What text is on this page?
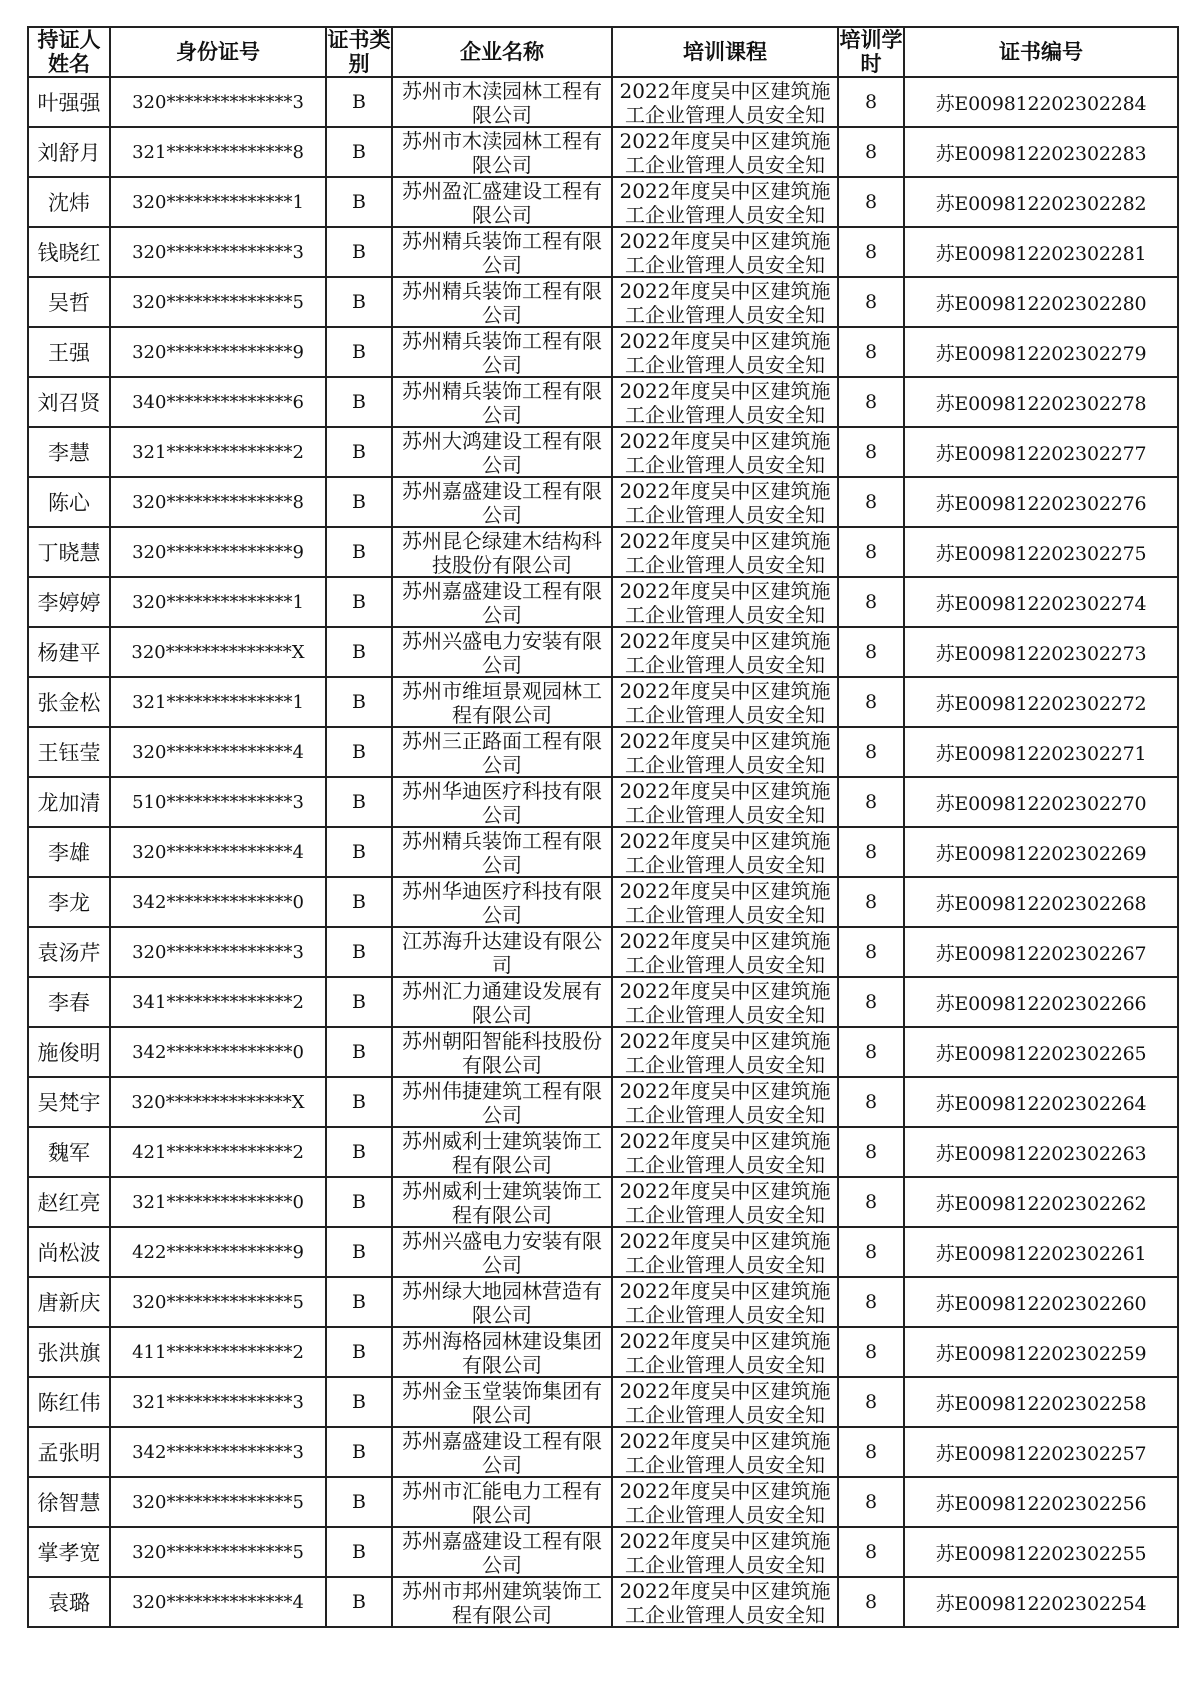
持证人姓名	身份证号	证书类别	企业名称	培训课程	培训学时	证书编号
叶强强	320**************3	B	苏州市木渎园林工程有限公司	2022年度吴中区建筑施工企业管理人员安全知	8	苏E009812202302284
刘舒月	321**************8	B	苏州市木渎园林工程有限公司	2022年度吴中区建筑施工企业管理人员安全知	8	苏E009812202302283
沈炜	320**************1	B	苏州盈汇盛建设工程有限公司	2022年度吴中区建筑施工企业管理人员安全知	8	苏E009812202302282
钱晓红	320**************3	B	苏州精兵装饰工程有限公司	2022年度吴中区建筑施工企业管理人员安全知	8	苏E009812202302281
吴哲	320**************5	B	苏州精兵装饰工程有限公司	2022年度吴中区建筑施工企业管理人员安全知	8	苏E009812202302280
王强	320**************9	B	苏州精兵装饰工程有限公司	2022年度吴中区建筑施工企业管理人员安全知	8	苏E009812202302279
刘召贤	340**************6	B	苏州精兵装饰工程有限公司	2022年度吴中区建筑施工企业管理人员安全知	8	苏E009812202302278
李慧	321**************2	B	苏州大鸿建设工程有限公司	2022年度吴中区建筑施工企业管理人员安全知	8	苏E009812202302277
陈心	320**************8	B	苏州嘉盛建设工程有限公司	2022年度吴中区建筑施工企业管理人员安全知	8	苏E009812202302276
丁晓慧	320**************9	B	苏州昆仑绿建木结构科技股份有限公司	2022年度吴中区建筑施工企业管理人员安全知	8	苏E009812202302275
李婷婷	320**************1	B	苏州嘉盛建设工程有限公司	2022年度吴中区建筑施工企业管理人员安全知	8	苏E009812202302274
杨建平	320**************X	B	苏州兴盛电力安装有限公司	2022年度吴中区建筑施工企业管理人员安全知	8	苏E009812202302273
张金松	321**************1	B	苏州市维垣景观园林工程有限公司	2022年度吴中区建筑施工企业管理人员安全知	8	苏E009812202302272
王钰莹	320**************4	B	苏州三正路面工程有限公司	2022年度吴中区建筑施工企业管理人员安全知	8	苏E009812202302271
龙加清	510**************3	B	苏州华迪医疗科技有限公司	2022年度吴中区建筑施工企业管理人员安全知	8	苏E009812202302270
李雄	320**************4	B	苏州精兵装饰工程有限公司	2022年度吴中区建筑施工企业管理人员安全知	8	苏E009812202302269
李龙	342**************0	B	苏州华迪医疗科技有限公司	2022年度吴中区建筑施工企业管理人员安全知	8	苏E009812202302268
袁汤芹	320**************3	B	江苏海升达建设有限公司	2022年度吴中区建筑施工企业管理人员安全知	8	苏E009812202302267
李春	341**************2	B	苏州汇力通建设发展有限公司	2022年度吴中区建筑施工企业管理人员安全知	8	苏E009812202302266
施俊明	342**************0	B	苏州朝阳智能科技股份有限公司	2022年度吴中区建筑施工企业管理人员安全知	8	苏E009812202302265
吴梵宇	320**************X	B	苏州伟捷建筑工程有限公司	2022年度吴中区建筑施工企业管理人员安全知	8	苏E009812202302264
魏军	421**************2	B	苏州威利士建筑装饰工程有限公司	2022年度吴中区建筑施工企业管理人员安全知	8	苏E009812202302263
赵红亮	321**************0	B	苏州威利士建筑装饰工程有限公司	2022年度吴中区建筑施工企业管理人员安全知	8	苏E009812202302262
尚松波	422**************9	B	苏州兴盛电力安装有限公司	2022年度吴中区建筑施工企业管理人员安全知	8	苏E009812202302261
唐新庆	320**************5	B	苏州绿大地园林营造有限公司	2022年度吴中区建筑施工企业管理人员安全知	8	苏E009812202302260
张洪旗	411**************2	B	苏州海格园林建设集团有限公司	2022年度吴中区建筑施工企业管理人员安全知	8	苏E009812202302259
陈红伟	321**************3	B	苏州金玉堂装饰集团有限公司	2022年度吴中区建筑施工企业管理人员安全知	8	苏E009812202302258
孟张明	342**************3	B	苏州嘉盛建设工程有限公司	2022年度吴中区建筑施工企业管理人员安全知	8	苏E009812202302257
徐智慧	320**************5	B	苏州市汇能电力工程有限公司	2022年度吴中区建筑施工企业管理人员安全知	8	苏E009812202302256
掌孝宽	320**************5	B	苏州嘉盛建设工程有限公司	2022年度吴中区建筑施工企业管理人员安全知	8	苏E009812202302255
袁璐	320**************4	B	苏州市邦州建筑装饰工程有限公司	2022年度吴中区建筑施工企业管理人员安全知	8	苏E009812202302254
